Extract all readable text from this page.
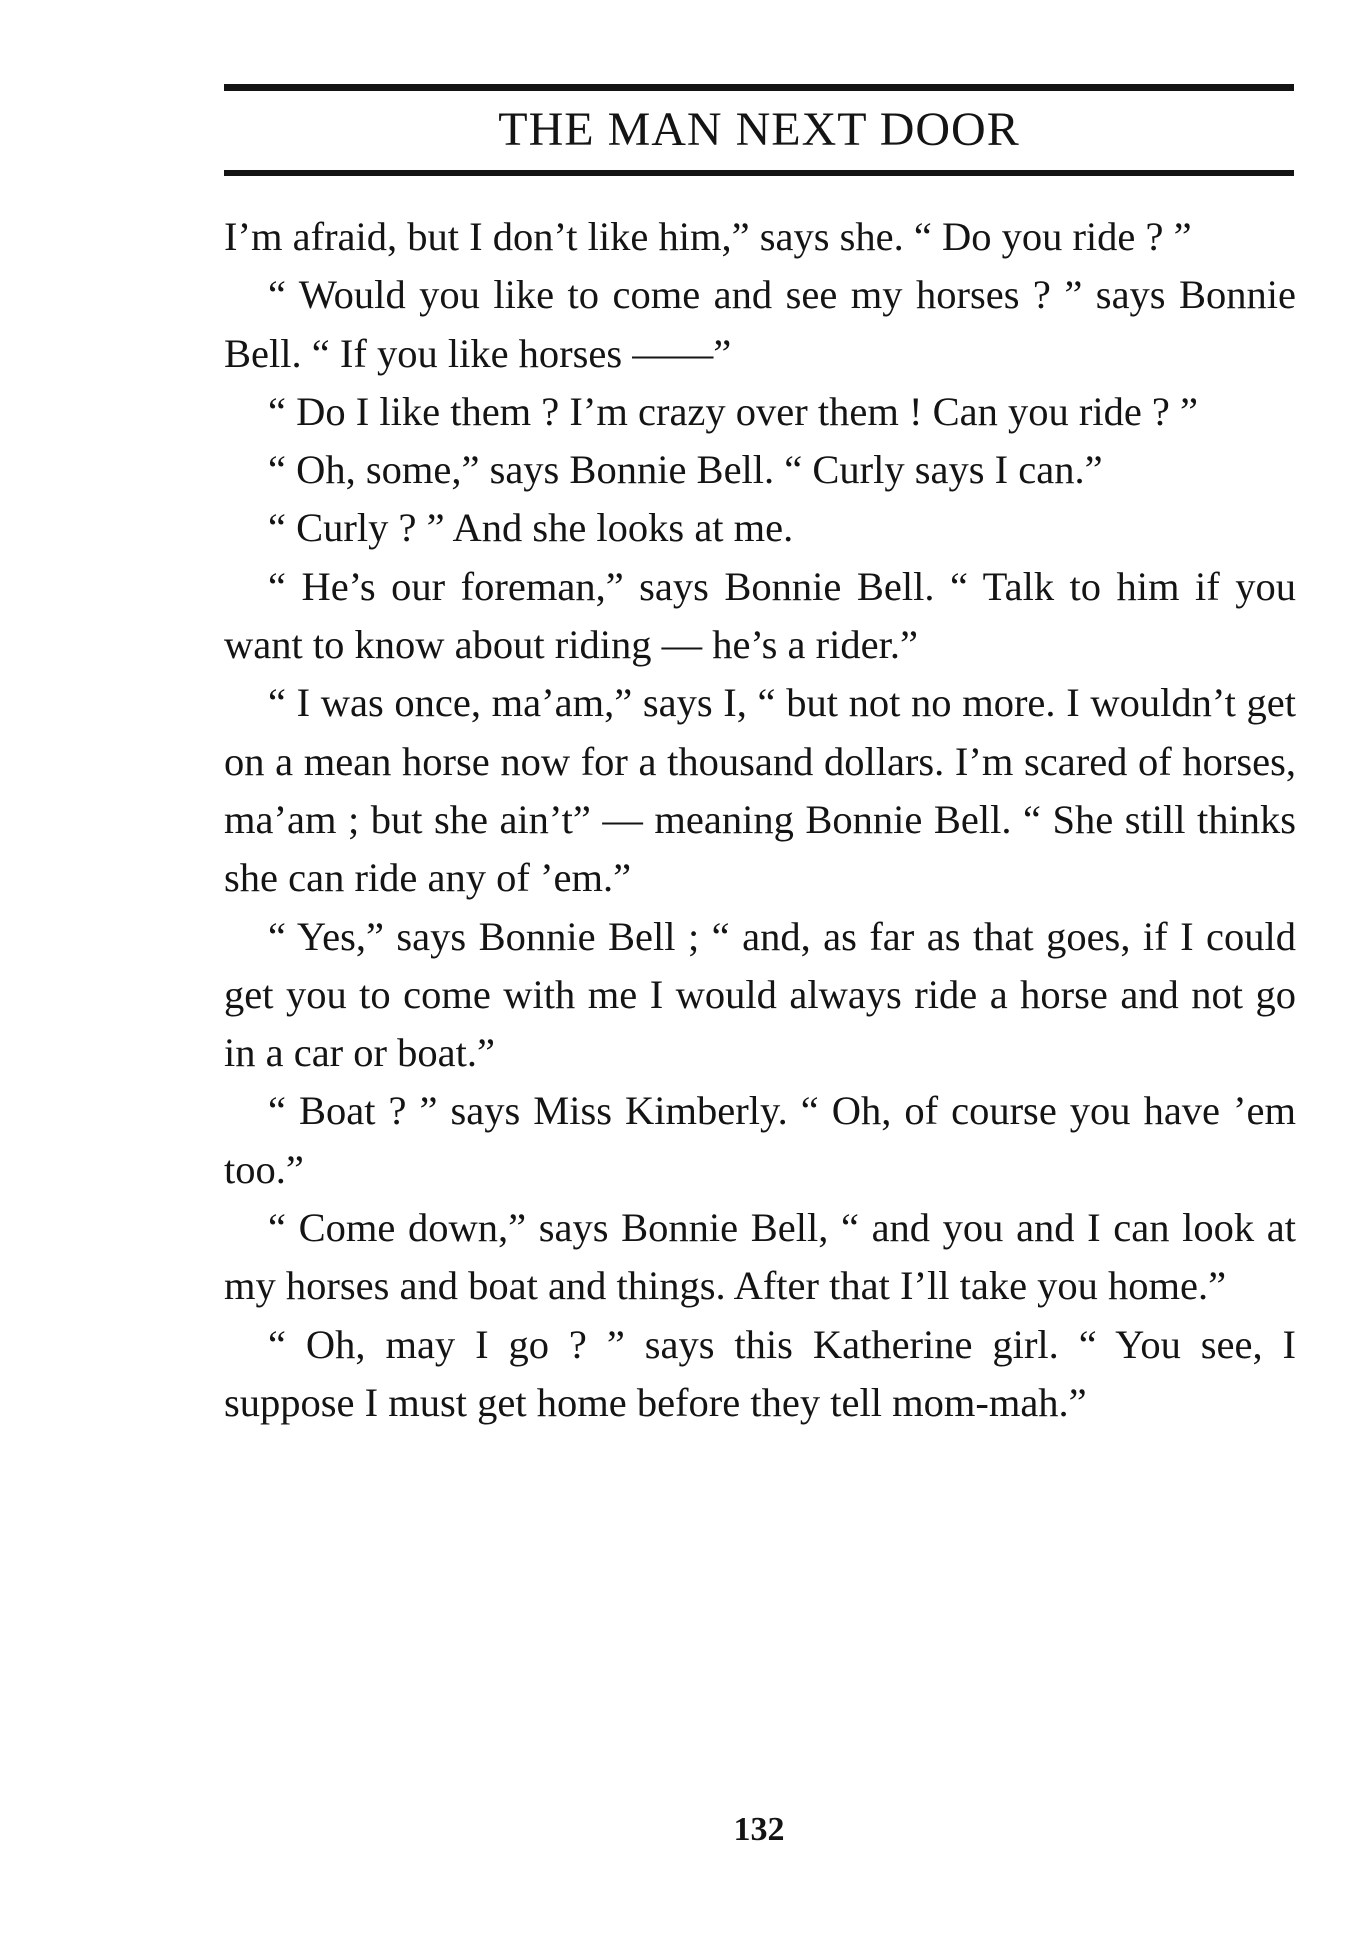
THE MAN NEXT DOOR

I’m afraid, but I don’t like him,” says she. “ Do you ride ? ”

“ Would you like to come and see my horses ? ” says Bonnie Bell. “ If you like horses ——”

“ Do I like them ? I’m crazy over them ! Can you ride ? ”

“ Oh, some,” says Bonnie Bell. “ Curly says I can.”

“ Curly ? ” And she looks at me.

“ He’s our foreman,” says Bonnie Bell. “ Talk to him if you want to know about riding — he’s a rider.”

“ I was once, ma’am,” says I, “ but not no more. I wouldn’t get on a mean horse now for a thousand dollars. I’m scared of horses, ma’am ; but she ain’t” — meaning Bonnie Bell. “ She still thinks she can ride any of ’em.”

“ Yes,” says Bonnie Bell ; “ and, as far as that goes, if I could get you to come with me I would always ride a horse and not go in a car or boat.”

“ Boat ? ” says Miss Kimberly. “ Oh, of course you have ’em too.”

“ Come down,” says Bonnie Bell, “ and you and I can look at my horses and boat and things. After that I’ll take you home.”

“ Oh, may I go ? ” says this Katherine girl. “ You see, I suppose I must get home before they tell mom‑mah.”

132
